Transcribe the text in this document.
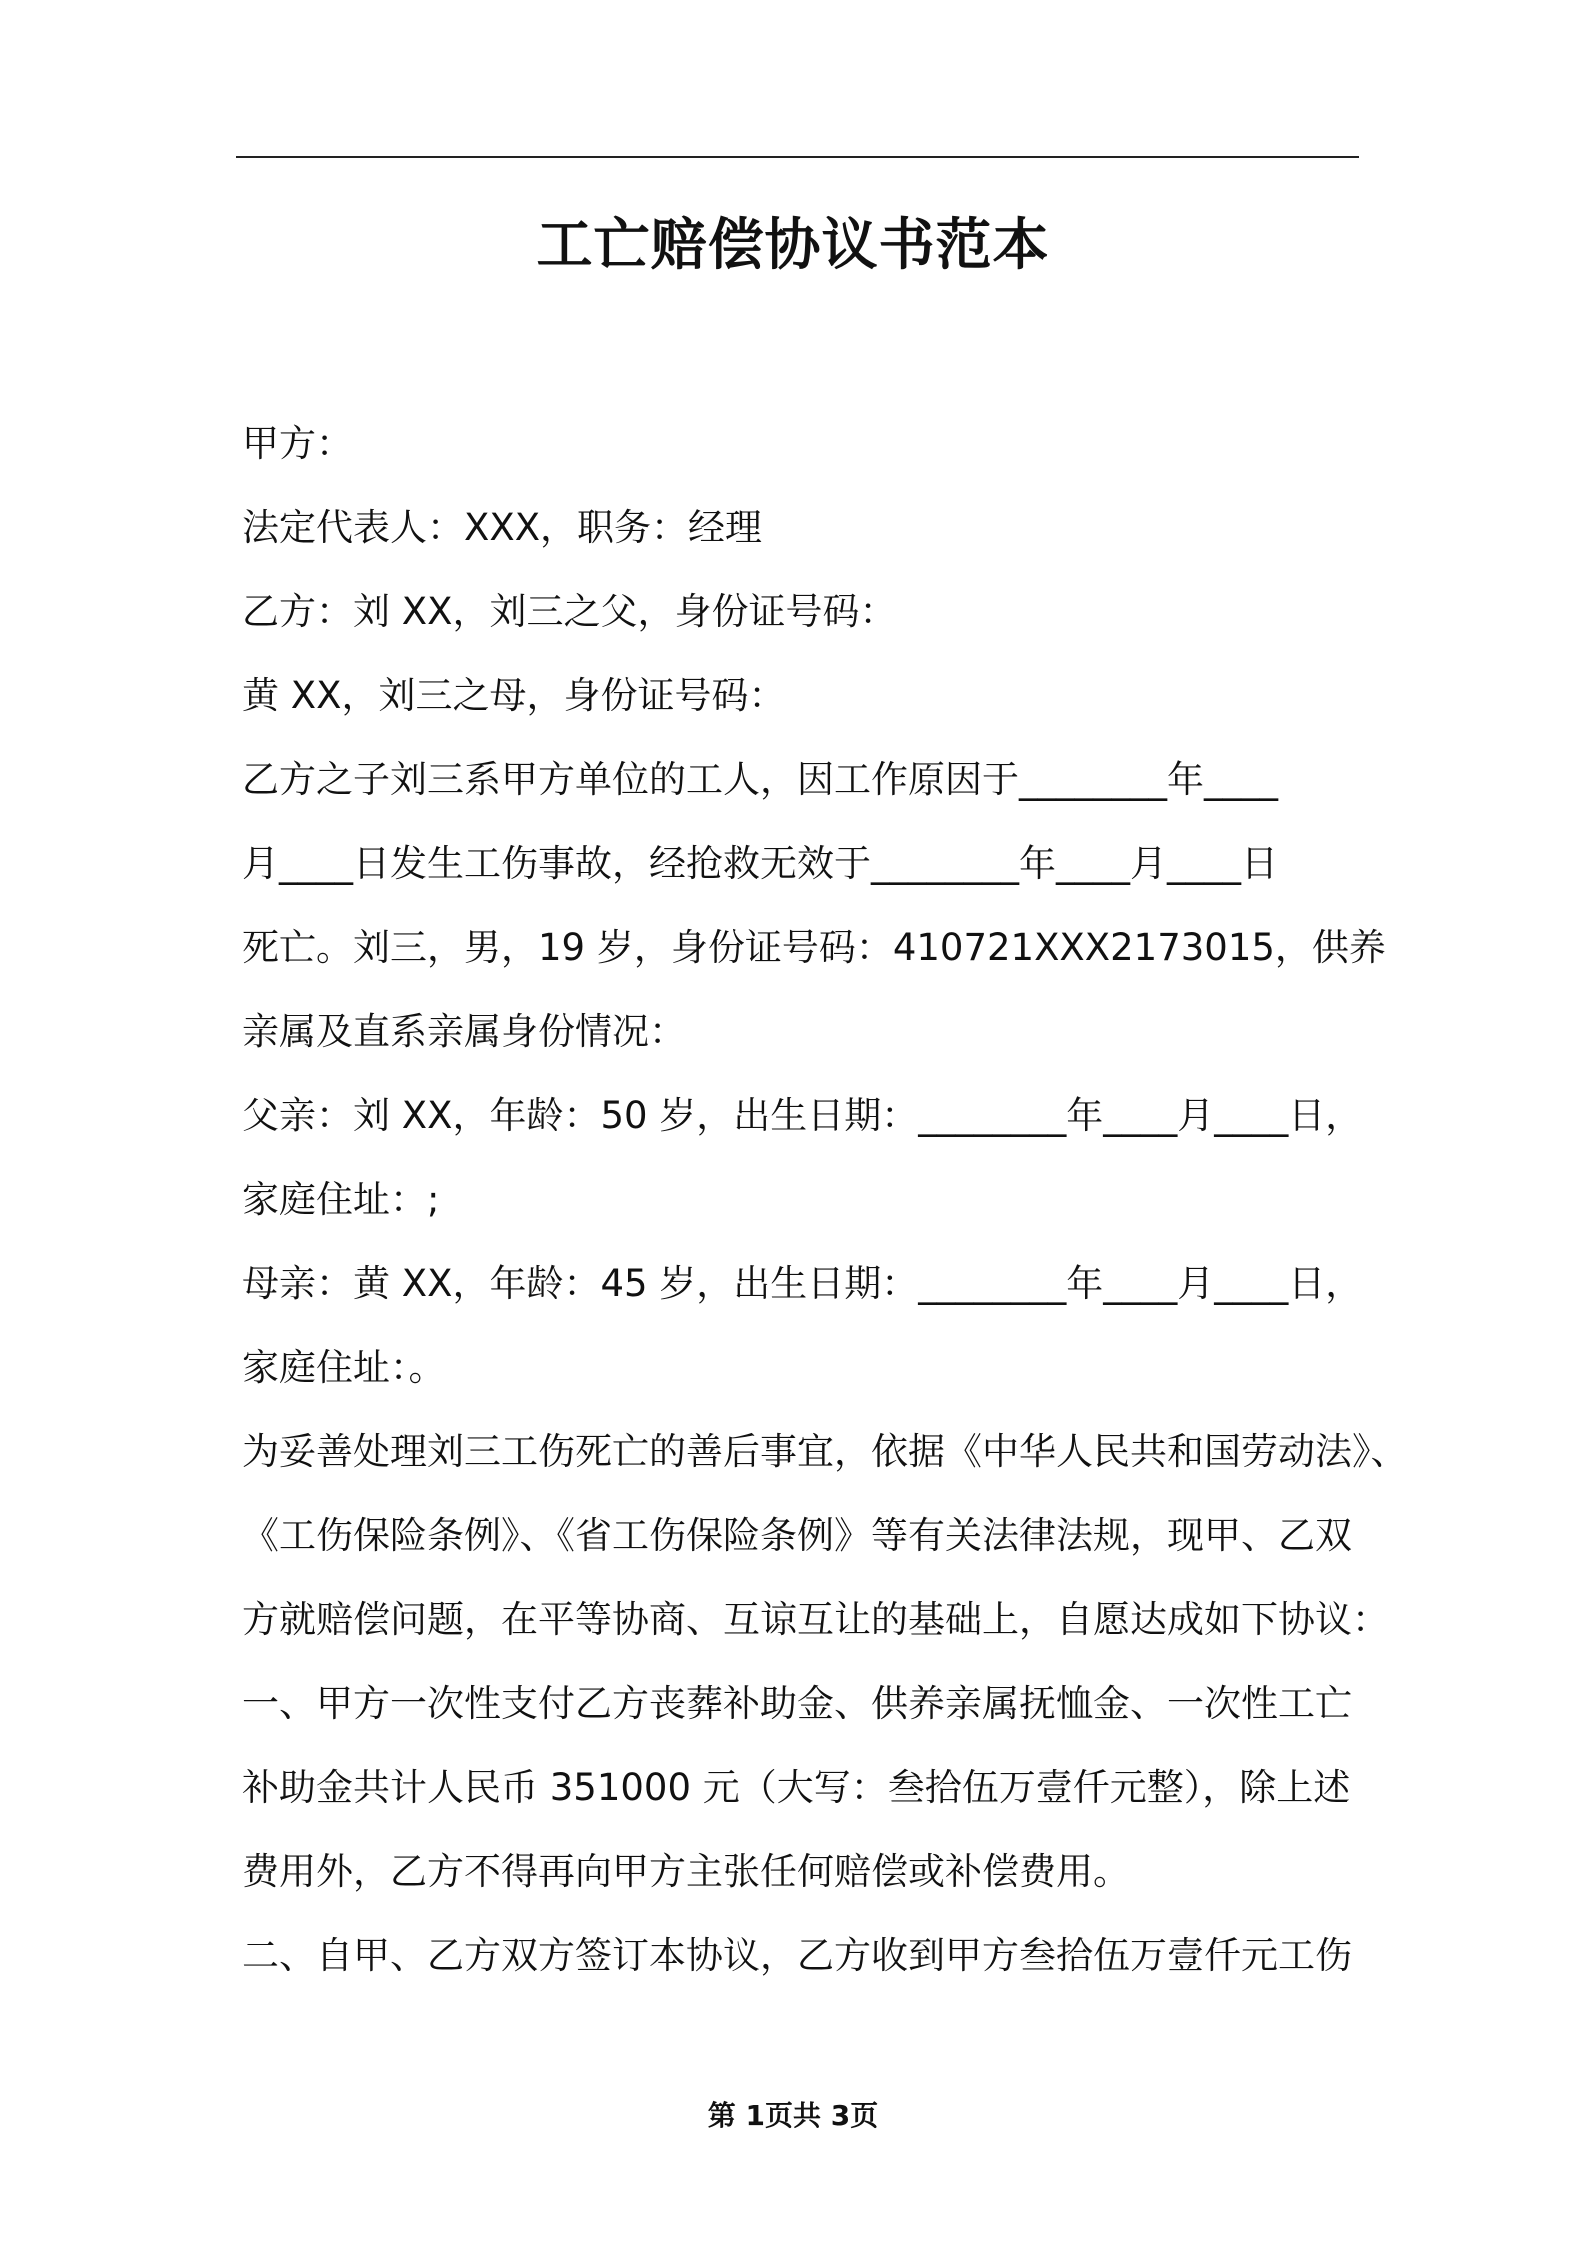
工亡赔偿协议书范本
甲方：
法定代表人：XXX，职务：经理
乙方：刘 XX，刘三之父，身份证号码：
黄 XX，刘三之母，身份证号码：
乙方之子刘三系甲方单位的工人，因工作原因于________年____
月____日发生工伤事故，经抢救无效于________年____月____日
死亡。刘三，男，19 岁，身份证号码：410721XXX2173015，供养
亲属及直系亲属身份情况：
父亲：刘 XX，年龄：50 岁，出生日期：________年____月____日，
家庭住址：;
母亲：黄 XX，年龄：45 岁，出生日期：________年____月____日，
家庭住址：。
为妥善处理刘三工伤死亡的善后事宜，依据《中华人民共和国劳动法》、
《工伤保险条例》、《省工伤保险条例》等有关法律法规，现甲、乙双
方就赔偿问题，在平等协商、互谅互让的基础上，自愿达成如下协议：
一、甲方一次性支付乙方丧葬补助金、供养亲属抚恤金、一次性工亡
补助金共计人民币 351000 元（大写：叁拾伍万壹仟元整），除上述
费用外，乙方不得再向甲方主张任何赔偿或补偿费用。
二、自甲、乙方双方签订本协议，乙方收到甲方叁拾伍万壹仟元工伤
第 1页共 3页
